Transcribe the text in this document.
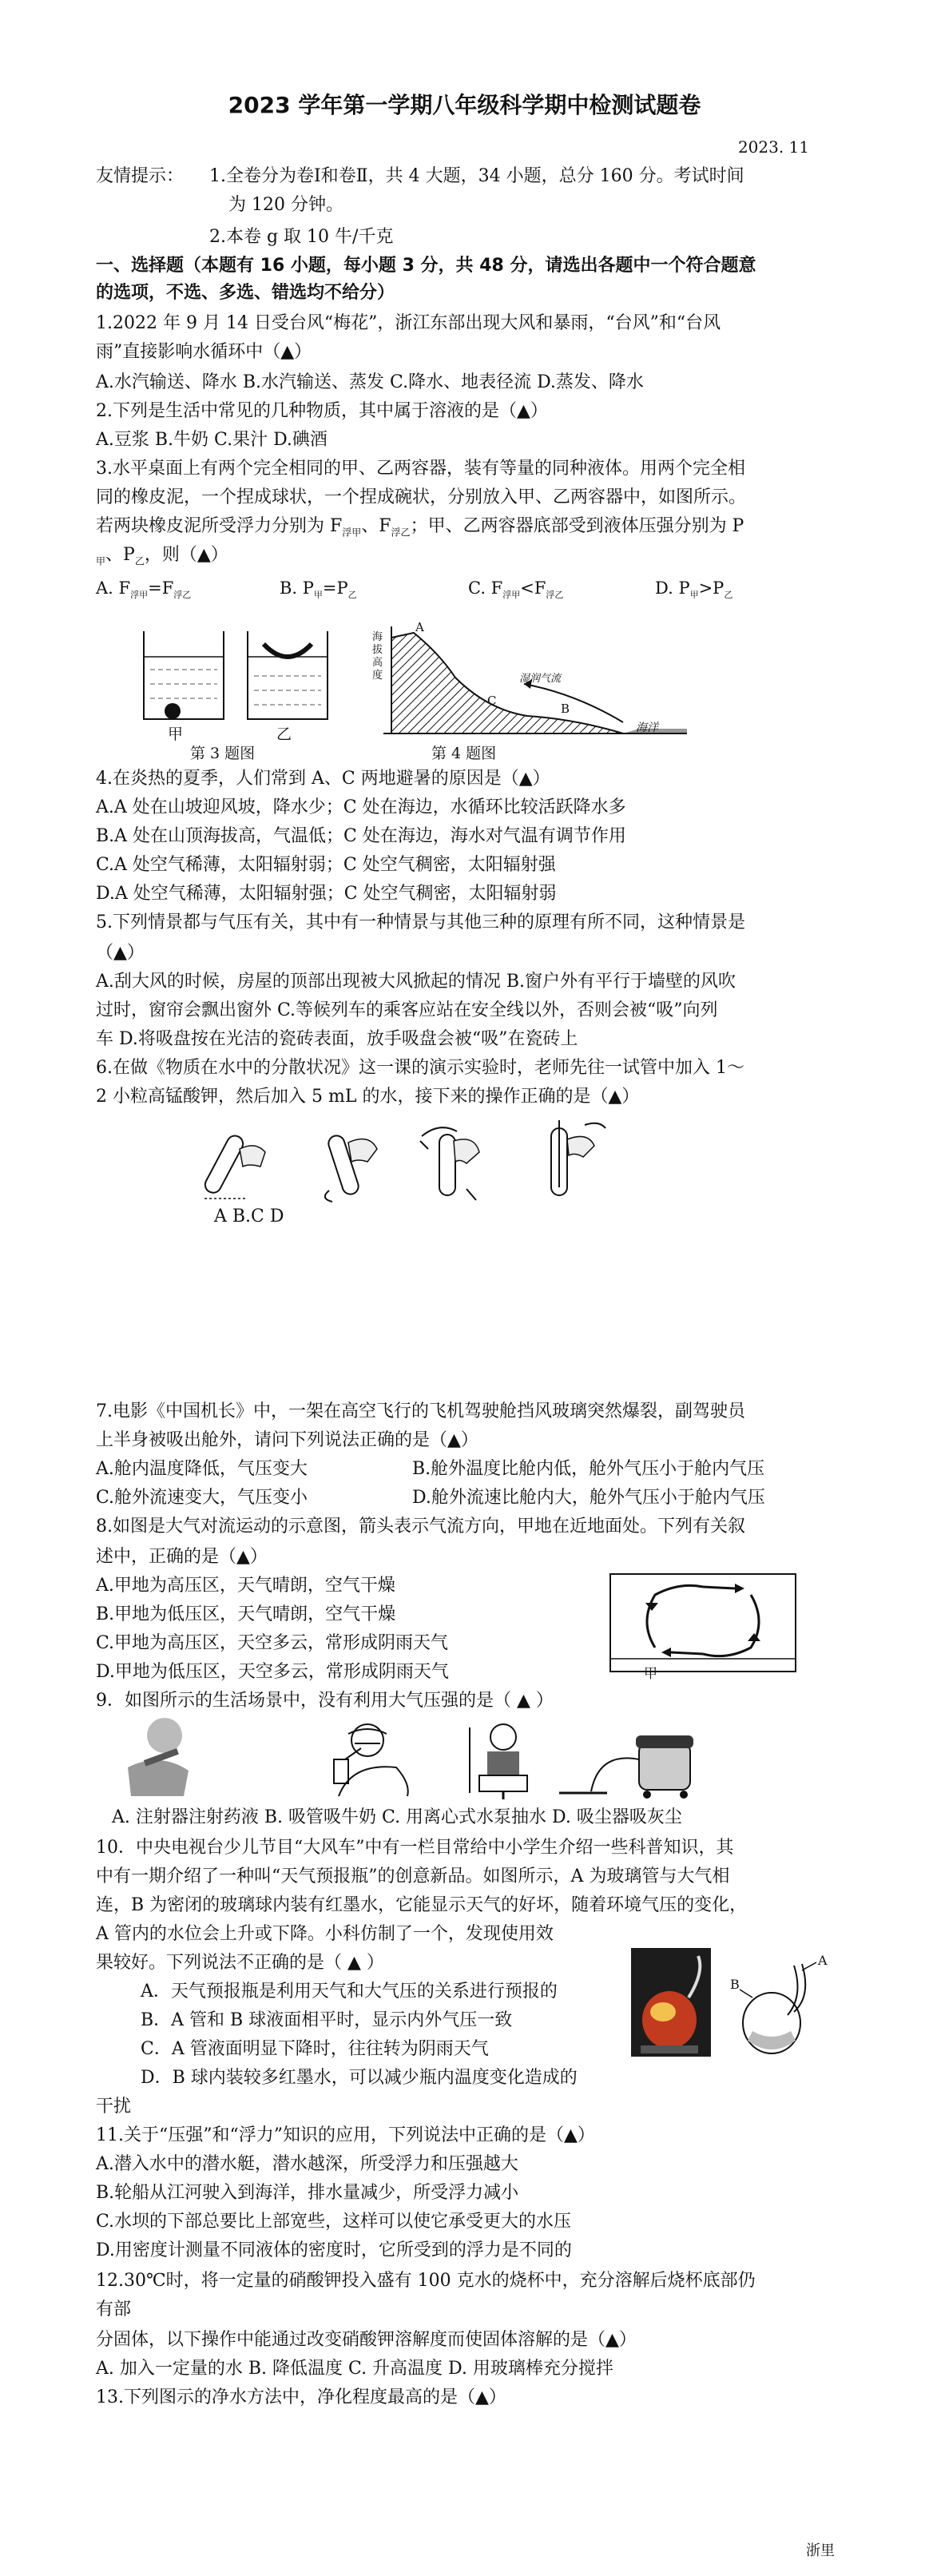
2023 学年第一学期八年级科学期中检测试题卷
2023. 11
友情提示： 1.全卷分为卷Ⅰ和卷Ⅱ，共 4 大题，34 小题，总分 160 分。考试时间
为 120 分钟。
2.本卷 g 取 10 牛/千克
一、选择题（本题有 16 小题，每小题 3 分，共 48 分，请选出各题中一个符合题意
的选项，不选、多选、错选均不给分）
1.2022 年 9 月 14 日受台风“梅花”，浙江东部出现大风和暴雨，“台风”和“台风
雨”直接影响水循环中（▲）
A.水汽输送、降水 B.水汽输送、蒸发 C.降水、地表径流 D.蒸发、降水
2.下列是生活中常见的几种物质，其中属于溶液的是（▲）
A.豆浆 B.牛奶 C.果汁 D.碘酒
3.水平桌面上有两个完全相同的甲、乙两容器，装有等量的同种液体。用两个完全相
同的橡皮泥，一个捏成球状，一个捏成碗状，分别放入甲、乙两容器中，如图所示。
若两块橡皮泥所受浮力分别为 $F_{浮甲}$、$F_{浮乙}$；甲、乙两容器底部受到液体压强分别为 P
$_甲$、$P_乙$，则（▲）
A. $F_{浮甲}=F_{浮乙}$	B. $P_甲=P_乙$	C. $F_{浮甲}<F_{浮乙}$	D. $P_甲>P_乙$
甲	乙
第 3 题图
A
C
B
湿润气流
海洋
海拔高度
第 4 题图
4.在炎热的夏季，人们常到 A、C 两地避暑的原因是（▲）
A.A 处在山坡迎风坡，降水少；C 处在海边，水循环比较活跃降水多
B.A 处在山顶海拔高，气温低；C 处在海边，海水对气温有调节作用
C.A 处空气稀薄，太阳辐射弱；C 处空气稠密，太阳辐射强
D.A 处空气稀薄，太阳辐射强；C 处空气稠密，太阳辐射弱
5.下列情景都与气压有关，其中有一种情景与其他三种的原理有所不同，这种情景是
（▲）
A.刮大风的时候，房屋的顶部出现被大风掀起的情况 B.窗户外有平行于墙壁的风吹
过时，窗帘会飘出窗外 C.等候列车的乘客应站在安全线以外，否则会被“吸”向列
车 D.将吸盘按在光洁的瓷砖表面，放手吸盘会被“吸”在瓷砖上
6.在做《物质在水中的分散状况》这一课的演示实验时，老师先往一试管中加入 1～
2 小粒高锰酸钾，然后加入 5 mL 的水，接下来的操作正确的是（▲）
A B.C D
7.电影《中国机长》中，一架在高空飞行的飞机驾驶舱挡风玻璃突然爆裂，副驾驶员
上半身被吸出舱外，请问下列说法正确的是（▲）
A.舱内温度降低，气压变大	B.舱外温度比舱内低，舱外气压小于舱内气压
C.舱外流速变大，气压变小	D.舱外流速比舱内大，舱外气压小于舱内气压
8.如图是大气对流运动的示意图，箭头表示气流方向，甲地在近地面处。下列有关叙
述中，正确的是（▲）
A.甲地为高压区，天气晴朗，空气干燥
B.甲地为低压区，天气晴朗，空气干燥
C.甲地为高压区，天空多云，常形成阴雨天气
D.甲地为低压区，天空多云，常形成阴雨天气	甲
9．如图所示的生活场景中，没有利用大气压强的是（ ▲ ）
A. 注射器注射药液 B. 吸管吸牛奶 C. 用离心式水泵抽水 D. 吸尘器吸灰尘
10．中央电视台少儿节目“大风车”中有一栏目常给中小学生介绍一些科普知识，其
中有一期介绍了一种叫“天气预报瓶”的创意新品。如图所示，A 为玻璃管与大气相
连，B 为密闭的玻璃球内装有红墨水，它能显示天气的好坏，随着环境气压的变化，
A 管内的水位会上升或下降。小科仿制了一个，发现使用效
果较好。下列说法不正确的是（ ▲ ）
A．天气预报瓶是利用天气和大气压的关系进行预报的
B．A 管和 B 球液面相平时，显示内外气压一致
C．A 管液面明显下降时，往往转为阴雨天气
D．B 球内装较多红墨水，可以减少瓶内温度变化造成的
干扰
B
A
11.关于“压强”和“浮力”知识的应用，下列说法中正确的是（▲）
A.潜入水中的潜水艇，潜水越深，所受浮力和压强越大
B.轮船从江河驶入到海洋，排水量减少，所受浮力减小
C.水坝的下部总要比上部宽些，这样可以使它承受更大的水压
D.用密度计测量不同液体的密度时，它所受到的浮力是不同的
12.30℃时，将一定量的硝酸钾投入盛有 100 克水的烧杯中，充分溶解后烧杯底部仍
有部
分固体，以下操作中能通过改变硝酸钾溶解度而使固体溶解的是（▲）
A. 加入一定量的水 B. 降低温度 C. 升高温度 D. 用玻璃棒充分搅拌
13.下列图示的净水方法中，净化程度最高的是（▲）
浙里
